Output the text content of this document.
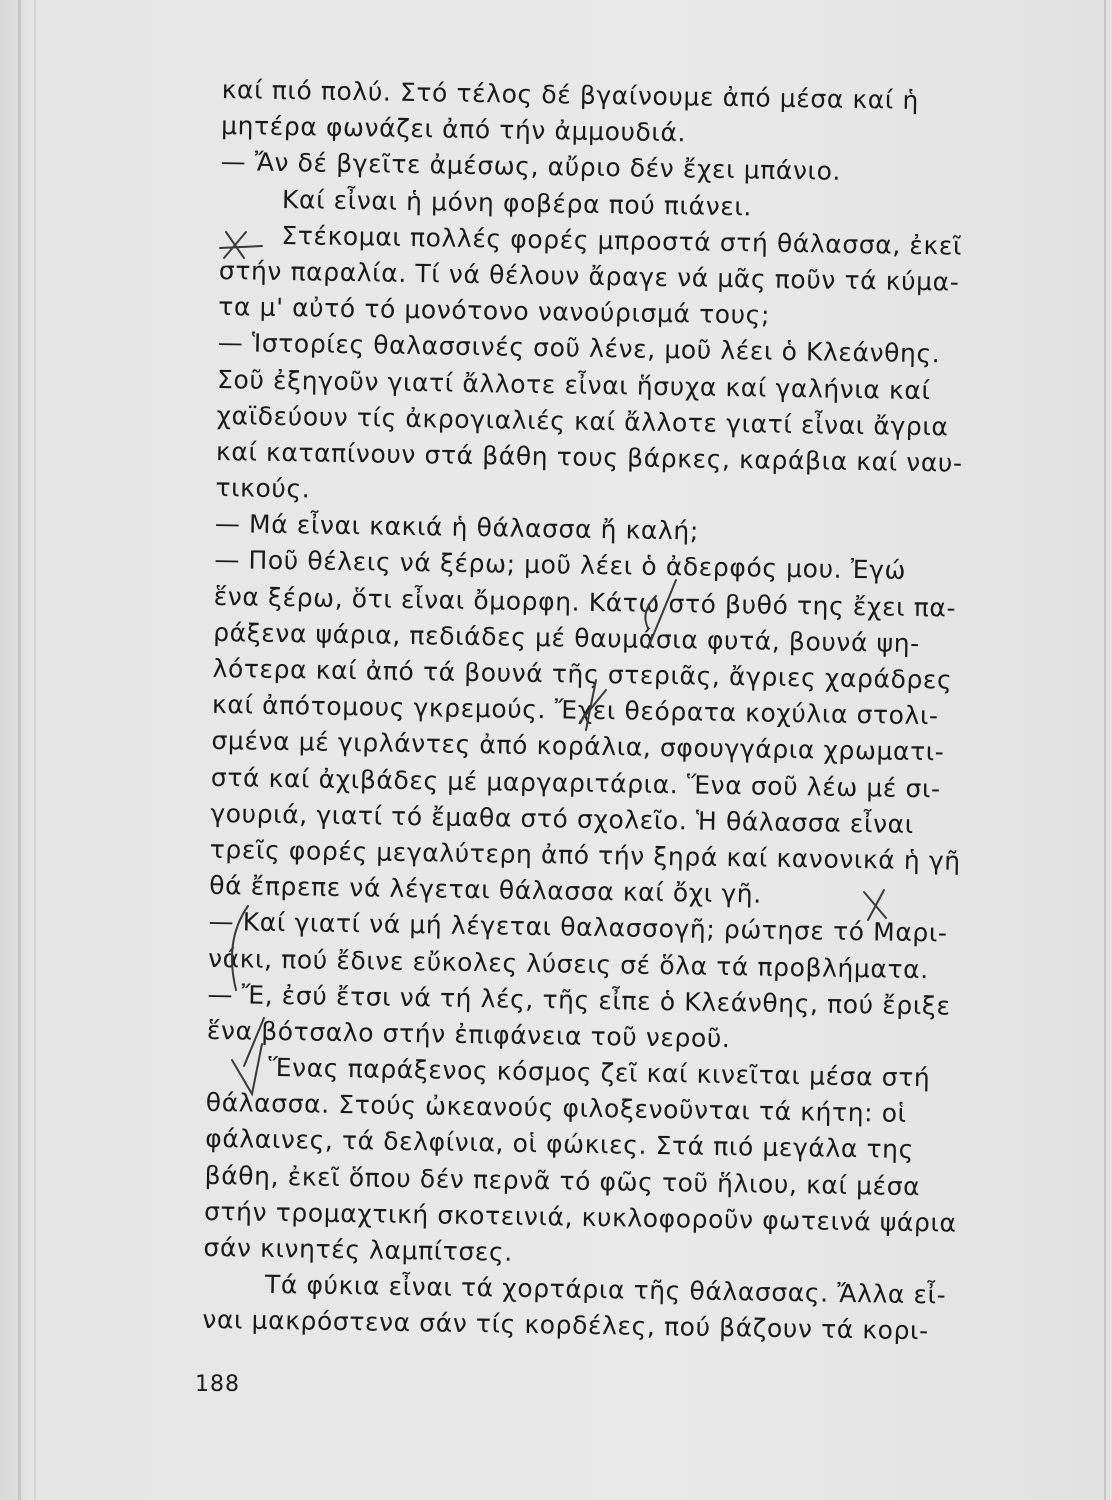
καί πιό πολύ. Στό τέλος δέ βγαίνουμε ἀπό μέσα καί ἡ
μητέρα φωνάζει ἀπό τήν ἀμμουδιά.
— Ἄν δέ βγεῖτε ἀμέσως, αὔριο δέν ἔχει μπάνιο.
Καί εἶναι ἡ μόνη φοβέρα πού πιάνει.
Στέκομαι πολλές φορές μπροστά στή θάλασσα, ἐκεῖ
στήν παραλία. Τί νά θέλουν ἄραγε νά μᾶς ποῦν τά κύμα-
τα μ' αὐτό τό μονότονο νανούρισμά τους;
— Ἱστορίες θαλασσινές σοῦ λένε, μοῦ λέει ὁ Κλεάνθης.
Σοῦ ἐξηγοῦν γιατί ἄλλοτε εἶναι ἥσυχα καί γαλήνια καί
χαϊδεύουν τίς ἀκρογιαλιές καί ἄλλοτε γιατί εἶναι ἄγρια
καί καταπίνουν στά βάθη τους βάρκες, καράβια καί ναυ-
τικούς.
— Μά εἶναι κακιά ἡ θάλασσα ἤ καλή;
— Ποῦ θέλεις νά ξέρω; μοῦ λέει ὁ ἀδερφός μου. Ἐγώ
ἕνα ξέρω, ὅτι εἶναι ὄμορφη. Κάτω στό βυθό της ἔχει πα-
ράξενα ψάρια, πεδιάδες μέ θαυμάσια φυτά, βουνά ψη-
λότερα καί ἀπό τά βουνά τῆς στεριᾶς, ἄγριες χαράδρες
καί ἀπότομους γκρεμούς. Ἔχει θεόρατα κοχύλια στολι-
σμένα μέ γιρλάντες ἀπό κοράλια, σφουγγάρια χρωματι-
στά καί ἀχιβάδες μέ μαργαριτάρια. Ἕνα σοῦ λέω μέ σι-
γουριά, γιατί τό ἔμαθα στό σχολεῖο. Ἡ θάλασσα εἶναι
τρεῖς φορές μεγαλύτερη ἀπό τήν ξηρά καί κανονικά ἡ γῆ
θά ἔπρεπε νά λέγεται θάλασσα καί ὄχι γῆ.
— Καί γιατί νά μή λέγεται θαλασσογῆ; ρώτησε τό Μαρι-
νάκι, πού ἔδινε εὔκολες λύσεις σέ ὅλα τά προβλήματα.
— Ἔ, ἐσύ ἔτσι νά τή λές, τῆς εἶπε ὁ Κλεάνθης, πού ἔριξε
ἕνα βότσαλο στήν ἐπιφάνεια τοῦ νεροῦ.
Ἕνας παράξενος κόσμος ζεῖ καί κινεῖται μέσα στή
θάλασσα. Στούς ὠκεανούς φιλοξενοῦνται τά κήτη: οἱ
φάλαινες, τά δελφίνια, οἱ φώκιες. Στά πιό μεγάλα της
βάθη, ἐκεῖ ὅπου δέν περνᾶ τό φῶς τοῦ ἥλιου, καί μέσα
στήν τρομαχτική σκοτεινιά, κυκλοφοροῦν φωτεινά ψάρια
σάν κινητές λαμπίτσες.
Τά φύκια εἶναι τά χορτάρια τῆς θάλασσας. Ἄλλα εἶ-
ναι μακρόστενα σάν τίς κορδέλες, πού βάζουν τά κορι-
188
